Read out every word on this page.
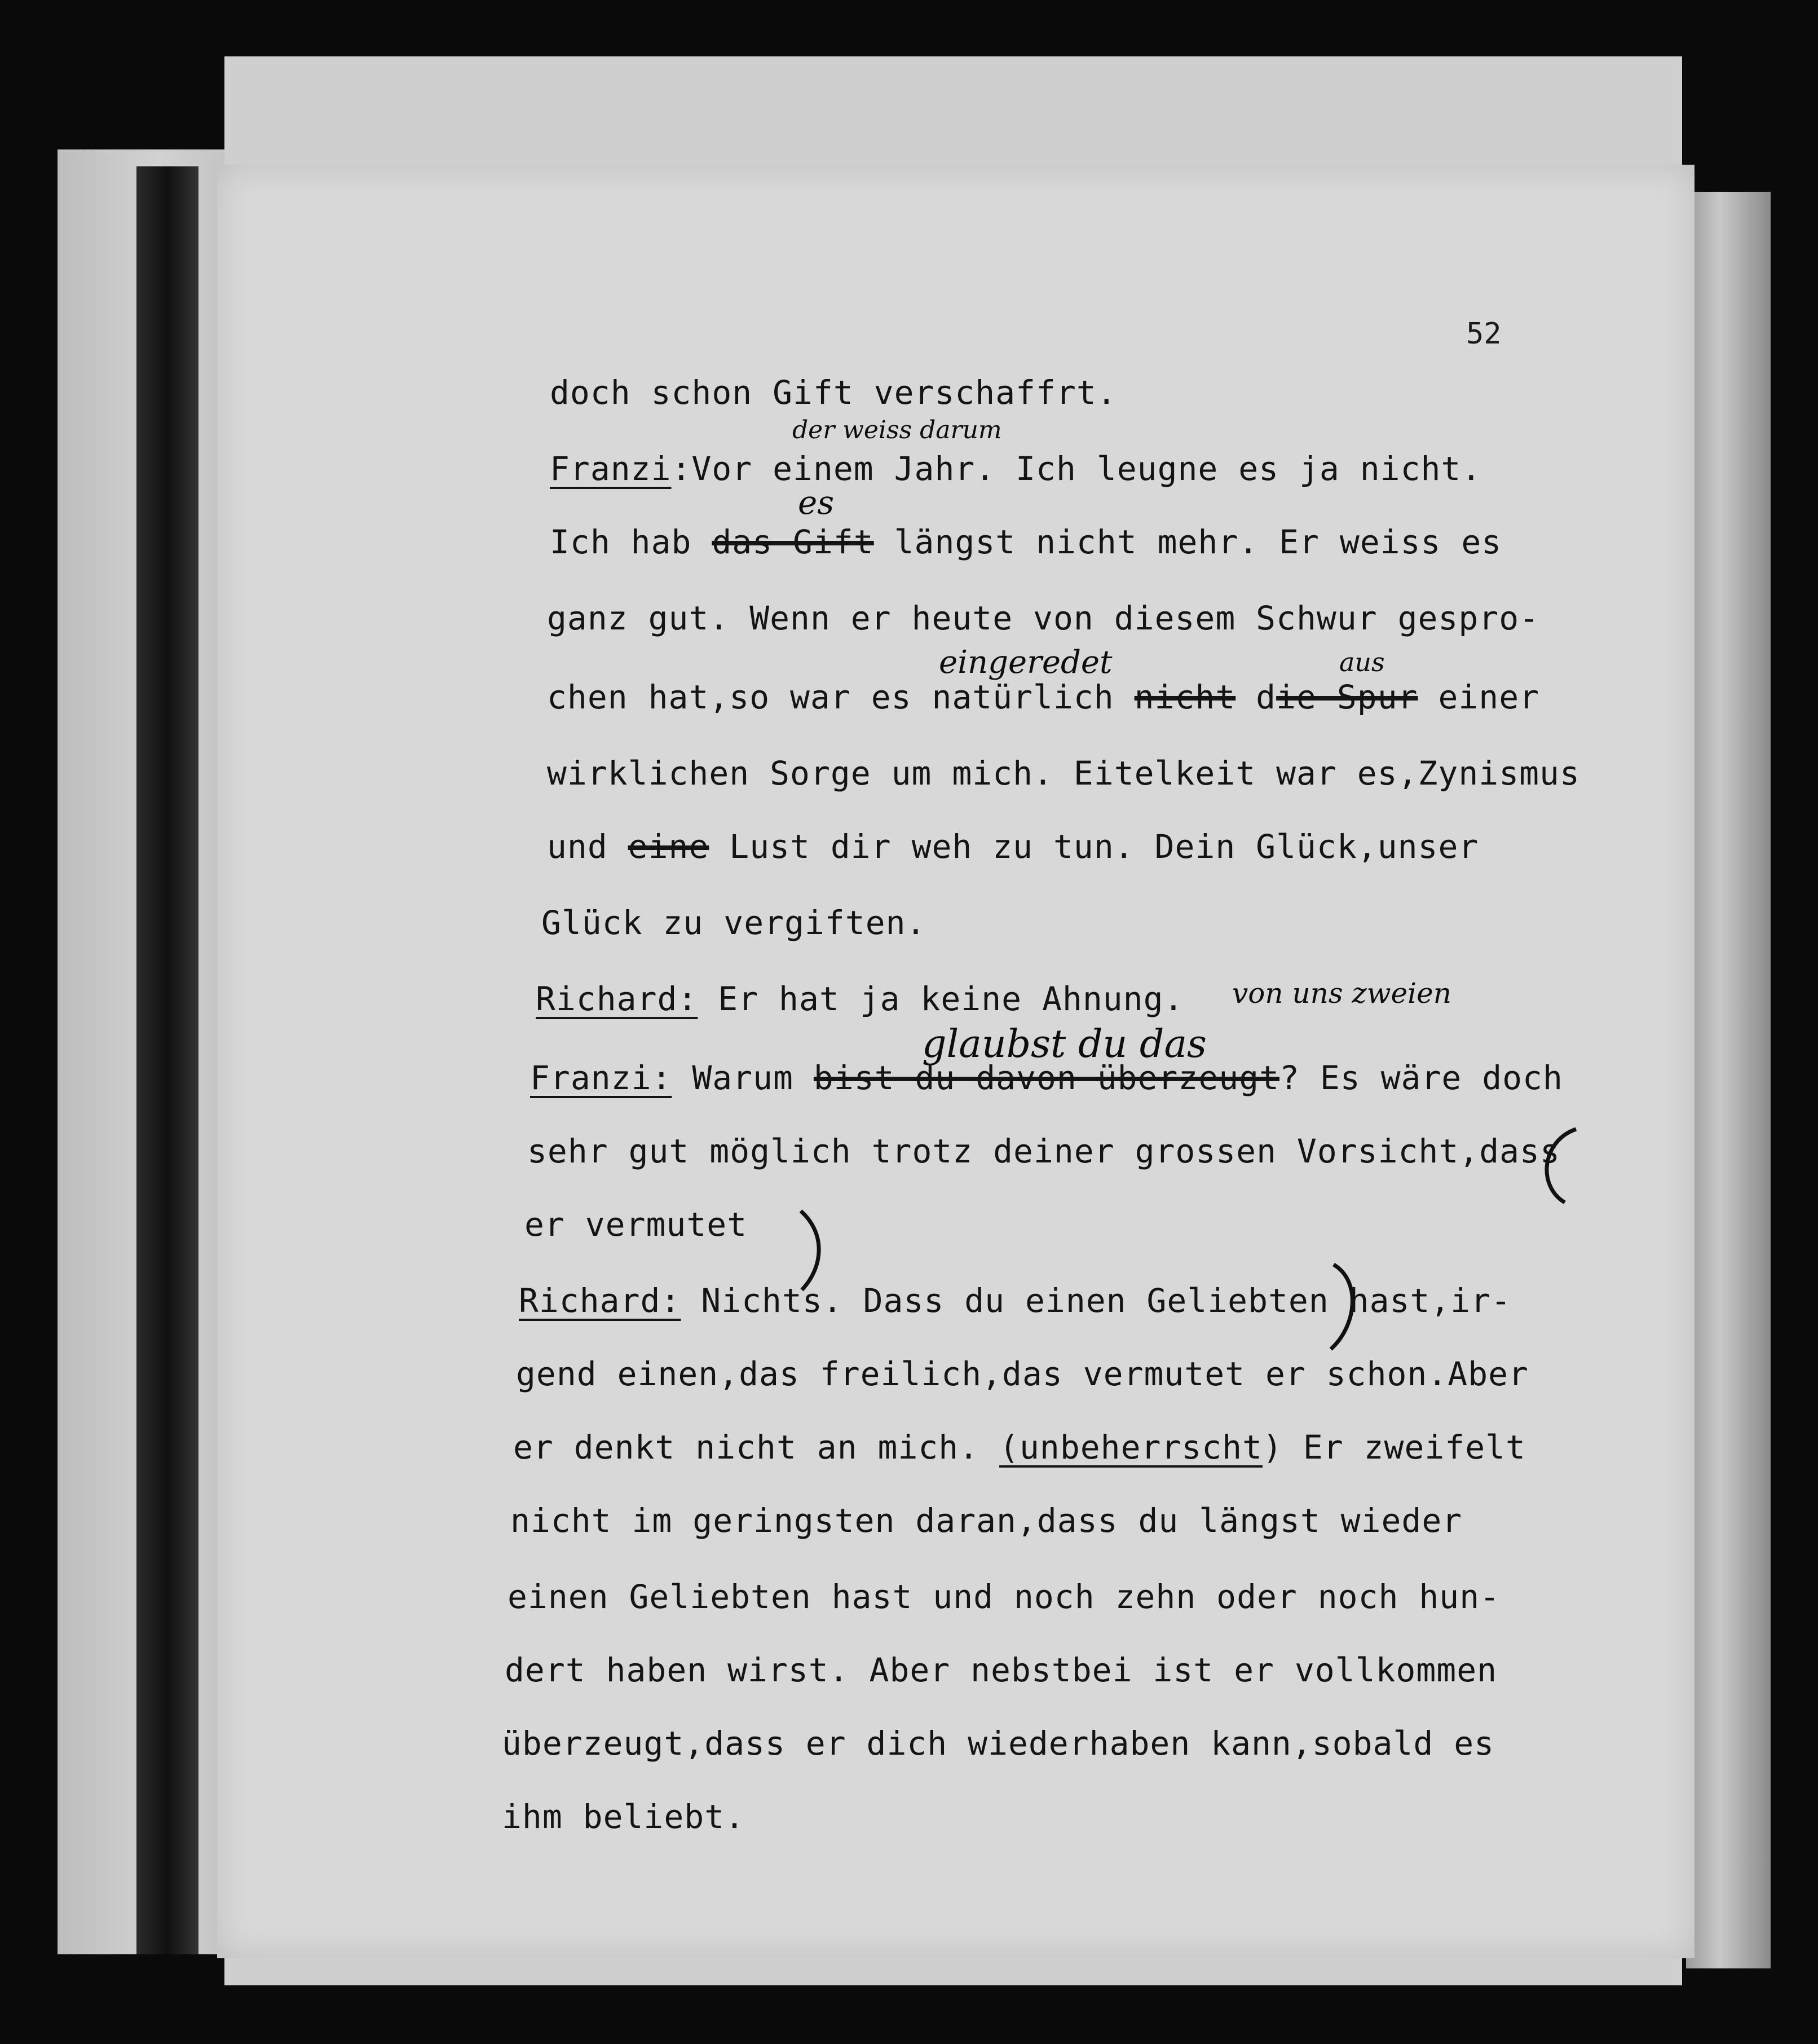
52
doch schon Gift verschaffrt.
der weiss darum
Franzi:Vor einem Jahr. Ich leugne es ja nicht.
es
Ich hab das Gift längst nicht mehr. Er weiss es
ganz gut. Wenn er heute von diesem Schwur gespro-
eingeredet	aus
chen hat,so war es natürlich nicht die Spur einer
wirklichen Sorge um mich. Eitelkeit war es,Zynismus
und eine Lust dir weh zu tun. Dein Glück,unser
Glück zu vergiften.
Richard: Er hat ja keine Ahnung. von uns zweien
glaubst du das
Franzi: Warum bist du davon überzeugt? Es wäre doch
sehr gut möglich trotz deiner grossen Vorsicht,dass
er vermutet
Richard: Nichts. Dass du einen Geliebten hast,ir-
gend einen,das freilich,das vermutet er schon.Aber
er denkt nicht an mich. (unbeherrscht) Er zweifelt
nicht im geringsten daran,dass du längst wieder
einen Geliebten hast und noch zehn oder noch hun-
dert haben wirst. Aber nebstbei ist er vollkommen
überzeugt,dass er dich wiederhaben kann,sobald es
ihm beliebt.
